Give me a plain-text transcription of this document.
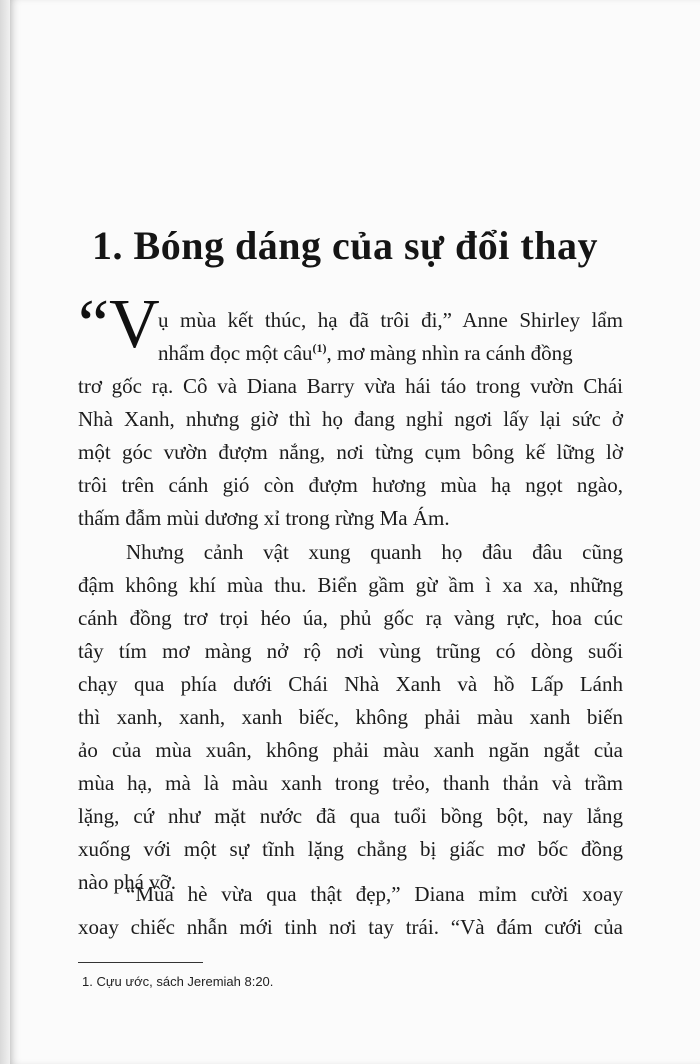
1. Bóng dáng của sự đổi thay
“V
ụ mùa kết thúc, hạ đã trôi đi,” Anne Shirley lẩm
nhẩm đọc một câu$^{(1)}$, mơ màng nhìn ra cánh đồng
trơ gốc rạ. Cô và Diana Barry vừa hái táo trong vườn Chái
Nhà Xanh, nhưng giờ thì họ đang nghỉ ngơi lấy lại sức ở
một góc vườn đượm nắng, nơi từng cụm bông kế lững lờ
trôi trên cánh gió còn đượm hương mùa hạ ngọt ngào,
thấm đẫm mùi dương xỉ trong rừng Ma Ám.
Nhưng cảnh vật xung quanh họ đâu đâu cũng
đậm không khí mùa thu. Biển gầm gừ ầm ì xa xa, những
cánh đồng trơ trọi héo úa, phủ gốc rạ vàng rực, hoa cúc
tây tím mơ màng nở rộ nơi vùng trũng có dòng suối
chạy qua phía dưới Chái Nhà Xanh và hồ Lấp Lánh
thì xanh, xanh, xanh biếc, không phải màu xanh biến
ảo của mùa xuân, không phải màu xanh ngăn ngắt của
mùa hạ, mà là màu xanh trong trẻo, thanh thản và trầm
lặng, cứ như mặt nước đã qua tuổi bồng bột, nay lắng
xuống với một sự tĩnh lặng chẳng bị giấc mơ bốc đồng
nào phá vỡ.
“Mùa hè vừa qua thật đẹp,” Diana mỉm cười xoay
xoay chiếc nhẫn mới tinh nơi tay trái. “Và đám cưới của
1. Cựu ước, sách Jeremiah 8:20.
